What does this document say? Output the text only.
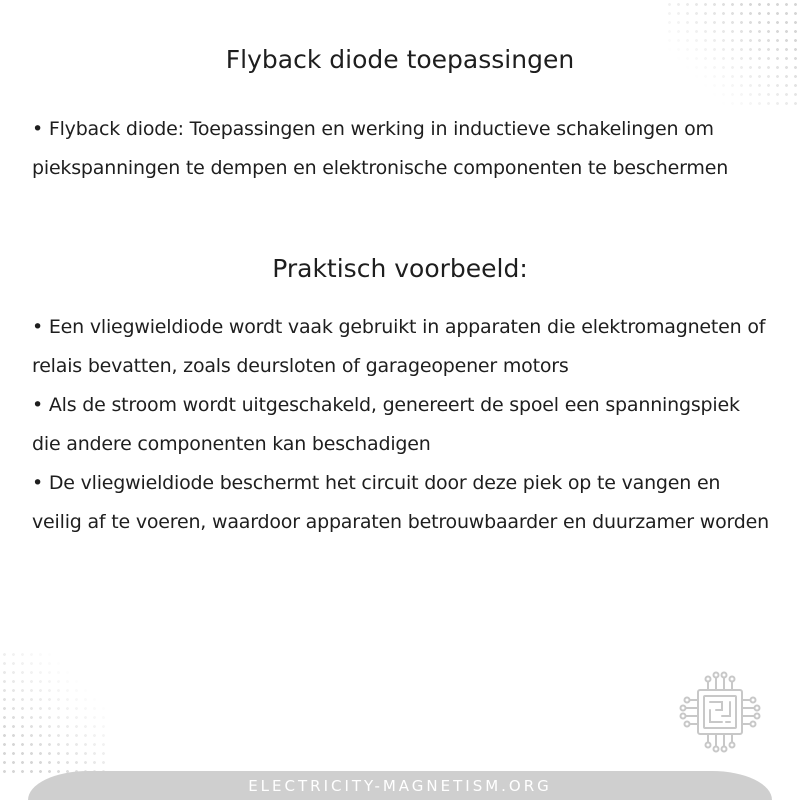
Flyback diode toepassingen

• Flyback diode: Toepassingen en werking in inductieve schakelingen om piekspanningen te dempen en elektronische componenten te beschermen

Praktisch voorbeeld:

• Een vliegwieldiode wordt vaak gebruikt in apparaten die elektromagneten of relais bevatten, zoals deursloten of garageopener motors

• Als de stroom wordt uitgeschakeld, genereert de spoel een spanningspiek die andere componenten kan beschadigen

• De vliegwieldiode beschermt het circuit door deze piek op te vangen en veilig af te voeren, waardoor apparaten betrouwbaarder en duurzamer worden

ELECTRICITY-MAGNETISM.ORG
